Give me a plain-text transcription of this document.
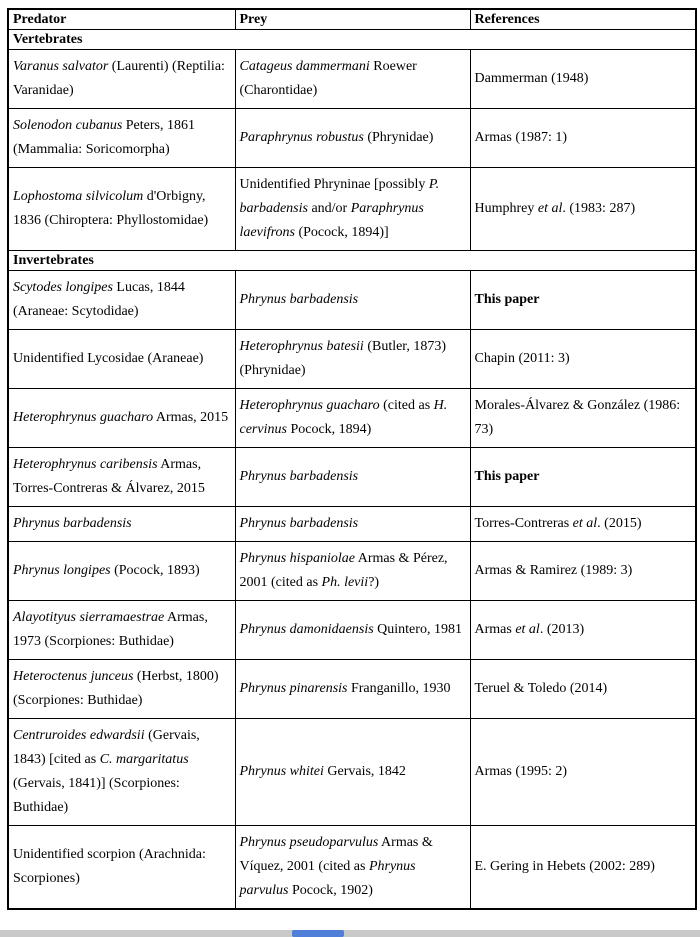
Predator	Prey	References
Vertebrates		
Varanus salvator (Laurenti) (Reptilia: Varanidae)	Catageus dammermani Roewer (Charontidae)	Dammerman (1948)
Solenodon cubanus Peters, 1861 (Mammalia: Soricomorpha)	Paraphrynus robustus (Phrynidae)	Armas (1987: 1)
Lophostoma silvicolum d'Orbigny, 1836 (Chiroptera: Phyllostomidae)	Unidentified Phryninae [possibly P. barbadensis and/or Paraphrynus laevifrons (Pocock, 1894)]	Humphrey et al. (1983: 287)
Invertebrates		
Scytodes longipes Lucas, 1844 (Araneae: Scytodidae)	Phrynus barbadensis	This paper
Unidentified Lycosidae (Araneae)	Heterophrynus batesii (Butler, 1873) (Phrynidae)	Chapin (2011: 3)
Heterophrynus guacharo Armas, 2015	Heterophrynus guacharo (cited as H. cervinus Pocock, 1894)	Morales-Álvarez & González (1986: 73)
Heterophrynus caribensis Armas, Torres-Contreras & Álvarez, 2015	Phrynus barbadensis	This paper
Phrynus barbadensis	Phrynus barbadensis	Torres-Contreras et al. (2015)
Phrynus longipes (Pocock, 1893)	Phrynus hispaniolae Armas & Pérez, 2001 (cited as Ph. levii?)	Armas & Ramirez (1989: 3)
Alayotityus sierramaestrae Armas, 1973 (Scorpiones: Buthidae)	Phrynus damonidaensis Quintero, 1981	Armas et al. (2013)
Heteroctenus junceus (Herbst, 1800) (Scorpiones: Buthidae)	Phrynus pinarensis Franganillo, 1930	Teruel & Toledo (2014)
Centruroides edwardsii (Gervais, 1843) [cited as C. margaritatus (Gervais, 1841)] (Scorpiones: Buthidae)	Phrynus whitei Gervais, 1842	Armas (1995: 2)
Unidentified scorpion (Arachnida: Scorpiones)	Phrynus pseudoparvulus Armas & Víquez, 2001 (cited as Phrynus parvulus Pocock, 1902)	E. Gering in Hebets (2002: 289)
